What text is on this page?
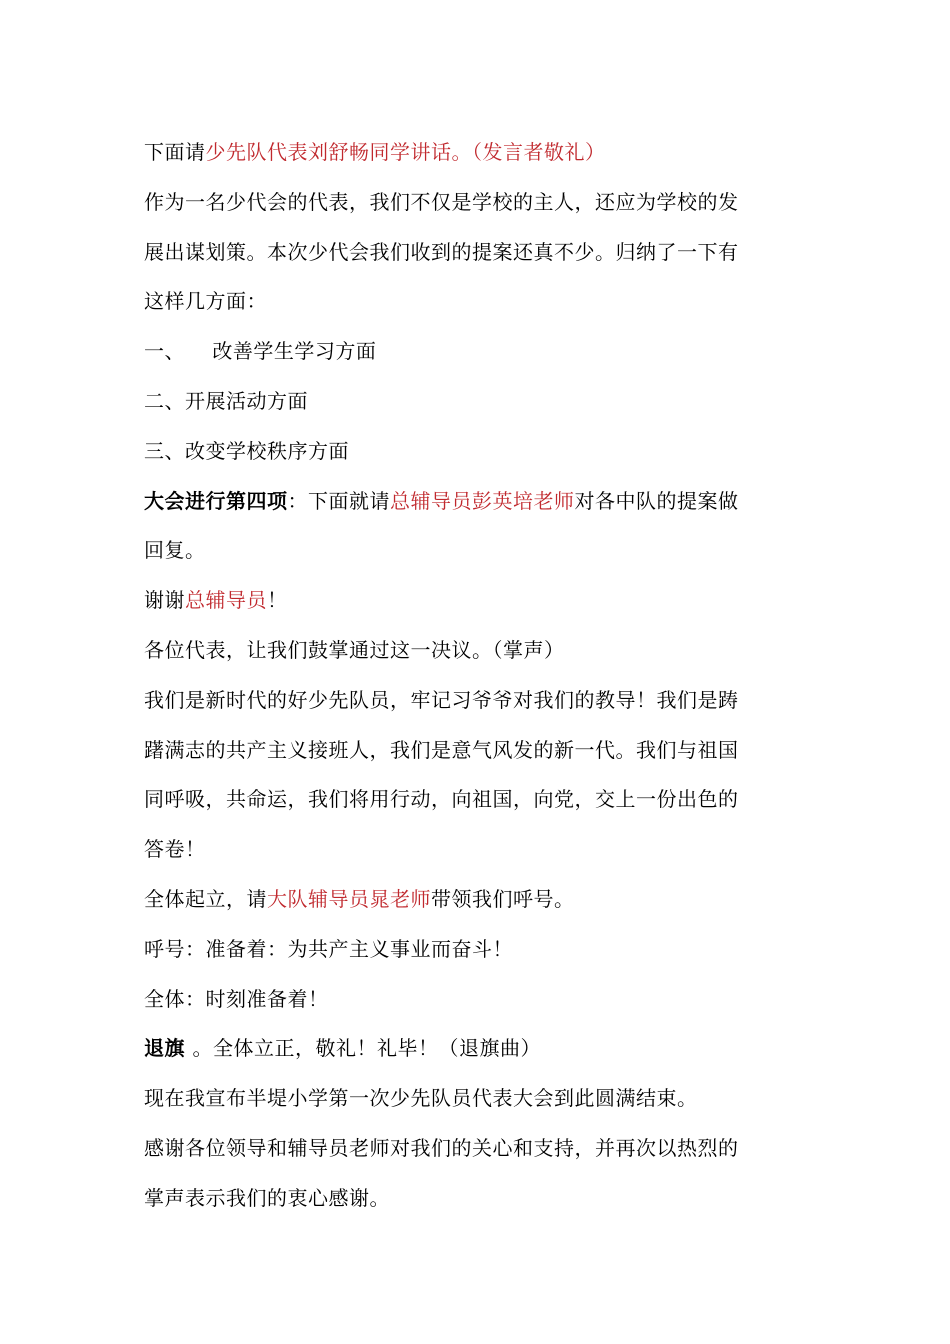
下面请少先队代表刘舒畅同学讲话。（发言者敬礼）
作为一名少代会的代表，我们不仅是学校的主人，还应为学校的发
展出谋划策。本次少代会我们收到的提案还真不少。归纳了一下有
这样几方面：
一、    改善学生学习方面
二、开展活动方面
三、改变学校秩序方面
大会进行第四项：下面就请总辅导员彭英培老师对各中队的提案做
回复。
谢谢总辅导员！
各位代表，让我们鼓掌通过这一决议。（掌声）
我们是新时代的好少先队员，牢记习爷爷对我们的教导！我们是踌
躇满志的共产主义接班人，我们是意气风发的新一代。我们与祖国
同呼吸，共命运，我们将用行动，向祖国，向党，交上一份出色的
答卷！
全体起立，请大队辅导员晁老师带领我们呼号。
呼号：准备着：为共产主义事业而奋斗！
全体：时刻准备着！
退旗 。全体立正，敬礼！礼毕！（退旗曲）
现在我宣布半堤小学第一次少先队员代表大会到此圆满结束。
感谢各位领导和辅导员老师对我们的关心和支持，并再次以热烈的
掌声表示我们的衷心感谢。
